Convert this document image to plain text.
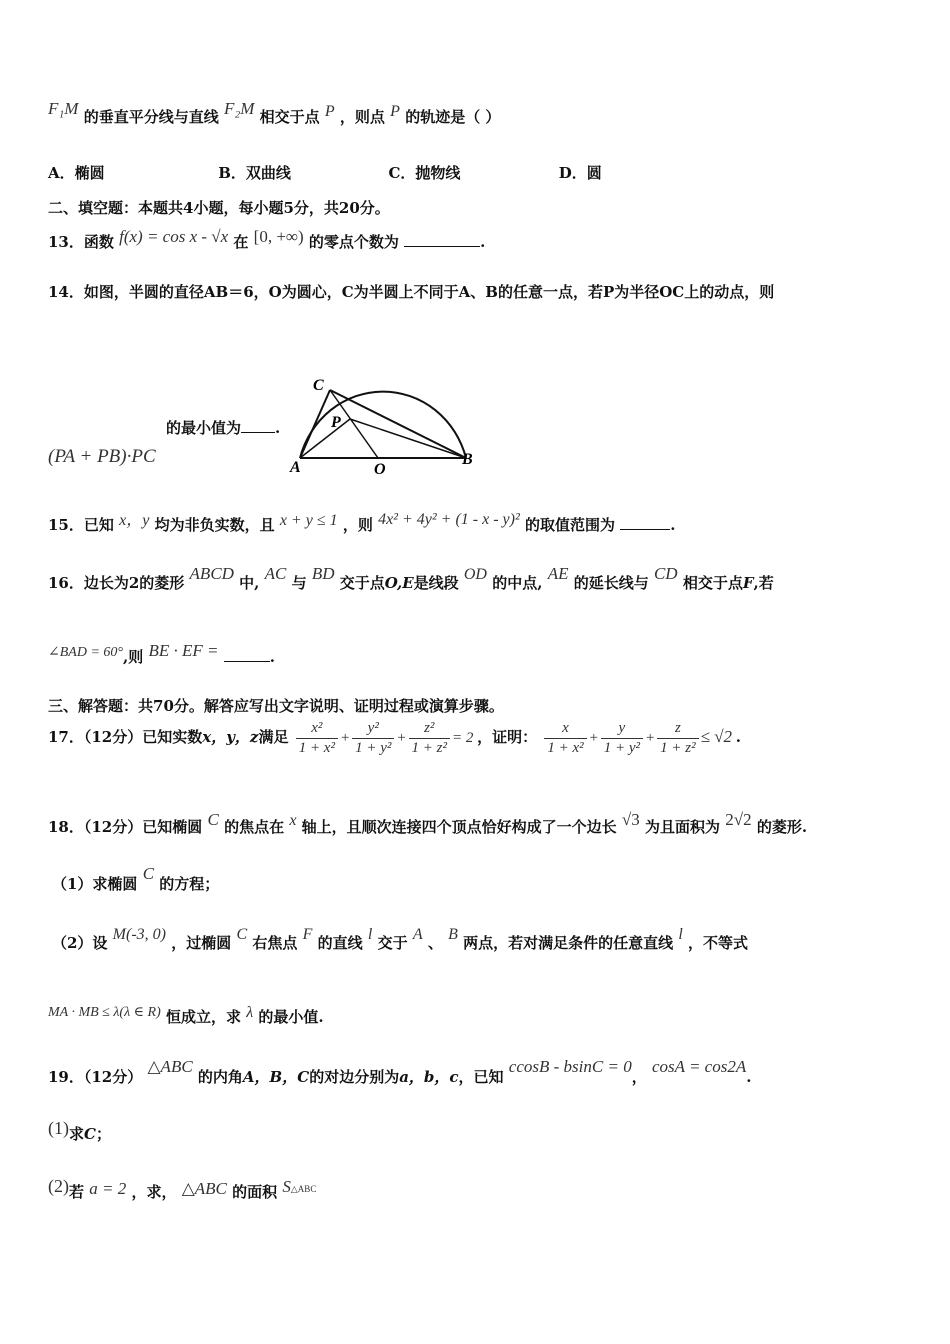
F₁M 的垂直平分线与直线 F₂M 相交于点 P ，则点 P 的轨迹是（ ）
A．椭圆	B．双曲线	C．抛物线	D．圆
二、填空题：本题共4小题，每小题5分，共20分。
13．函数 f(x) = cos x - √x 在 [0, +∞) 的零点个数为	.
14．如图，半圆的直径AB＝6，O为圆心，C为半圆上不同于A、B的任意一点，若P为半径OC上的动点，则
的最小值为 .
(PA + PB)·PC
C
P
A	O
B
15．已知 x，y 均为非负实数，且 x + y ≤ 1 ，则 4x² + 4y² + (1 - x - y)² 的取值范围为	.
16．边长为2的菱形 ABCD 中, AC 与 BD 交于点O,E是线段 OD 的中点, AE 的延长线与 CD 相交于点F,若
∠BAD = 60°,则 BE · EF =	.
三、解答题：共70分。解答应写出文字说明、证明过程或演算步骤。
17．（12分）已知实数x，y，z满足 $\frac{\text{x²}}{\text{1 + x²}} + \frac{\text{y²}}{\text{1 + y²}} + \frac{\text{z²}}{\text{1 + z²}} = 2$ ，证明： $\frac{x}{\text{1 + x²}} + \frac{y}{\text{1 + y²}} + \frac{z}{\text{1 + z²}} \le √2$ .
18．（12分）已知椭圆 C 的焦点在 x 轴上，且顺次连接四个顶点恰好构成了一个边长 √3 为且面积为 2√2 的菱形.
（1）求椭圆 C 的方程；
（2）设 M(-3, 0) ，过椭圆 C 右焦点 F 的直线 l 交于 A 、 B 两点，若对满足条件的任意直线 l ，不等式
MA · MB ≤ λ(λ ∈ R) 恒成立，求 λ 的最小值.
19．（12分） △ABC 的内角A，B，C的对边分别为a，b，c，已知 ccosB - bsinC = 0， cosA = cos2A.
(1)求C；
(2)若 a = 2 ，求， △ABC 的面积 S△ABC
